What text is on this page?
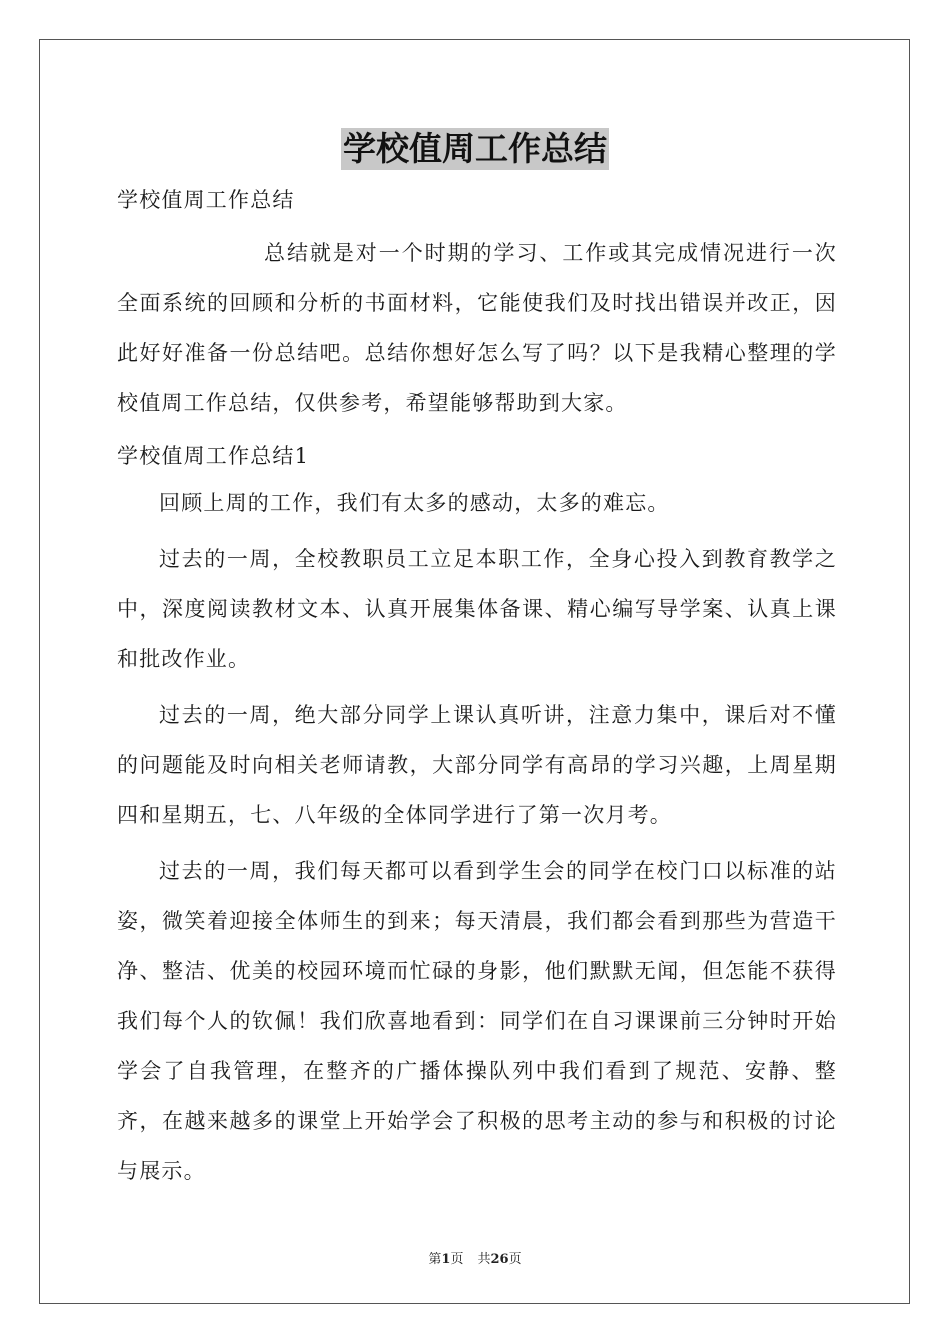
学校值周工作总结

学校值周工作总结

总结就是对一个时期的学习、工作或其完成情况进行一次全面系统的回顾和分析的书面材料，它能使我们及时找出错误并改正，因此好好准备一份总结吧。总结你想好怎么写了吗？以下是我精心整理的学校值周工作总结，仅供参考，希望能够帮助到大家。

学校值周工作总结1

回顾上周的工作，我们有太多的感动，太多的难忘。

过去的一周，全校教职员工立足本职工作，全身心投入到教育教学之中，深度阅读教材文本、认真开展集体备课、精心编写导学案、认真上课和批改作业。

过去的一周，绝大部分同学上课认真听讲，注意力集中，课后对不懂的问题能及时向相关老师请教，大部分同学有高昂的学习兴趣，上周星期四和星期五，七、八年级的全体同学进行了第一次月考。

过去的一周，我们每天都可以看到学生会的同学在校门口以标准的站姿，微笑着迎接全体师生的到来；每天清晨，我们都会看到那些为营造干净、整洁、优美的校园环境而忙碌的身影，他们默默无闻，但怎能不获得我们每个人的钦佩！我们欣喜地看到：同学们在自习课课前三分钟时开始学会了自我管理，在整齐的广播体操队列中我们看到了规范、安静、整齐，在越来越多的课堂上开始学会了积极的思考主动的参与和积极的讨论与展示。

第1页 共26页
